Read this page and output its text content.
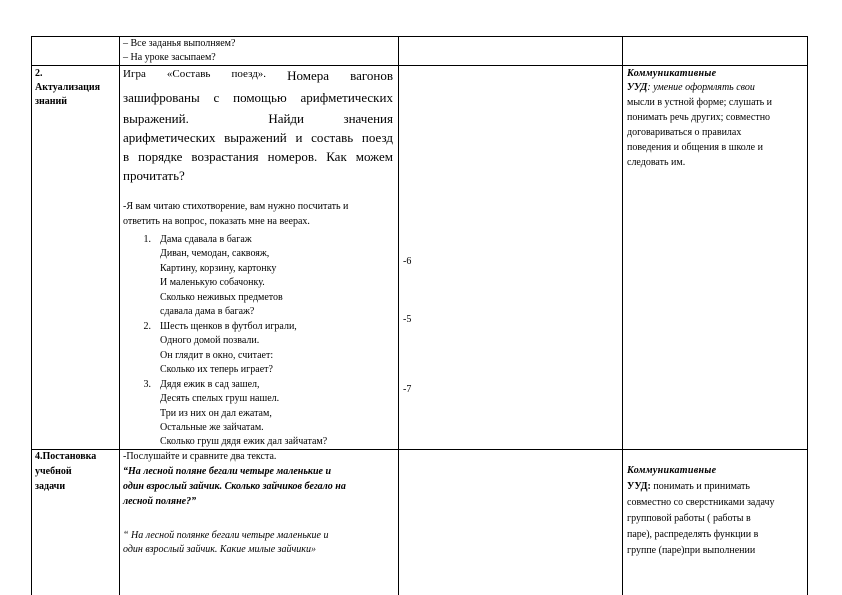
– Все заданья выполняем?
– На уроке засыпаем?
2.
Актуализация
знаний
Игра «Составь поезд». Номера вагонов
зашифрованы с помощью арифметических
выражений.	Найди	значения
арифметических выражений и составь поезд
в порядке возрастания номеров. Как можем
прочитать?
-Я вам читаю стихотворение, вам нужно посчитать и
ответить на вопрос, показать мне на веерах.
1. Дама сдавала в багаж
Диван, чемодан, саквояж,
Картину, корзину, картонку
И маленькую собачонку.
Сколько неживых предметов
сдавала дама в багаж?
2. Шесть щенков в футбол играли,
Одного домой позвали.
Он глядит в окно, считает:
Сколько их теперь играет?
3. Дядя ежик в сад зашел,
Десять спелых груш нашел.
Три из них он дал ежатам,
Остальные же зайчатам.
Сколько груш дядя ежик дал зайчатам?
-6
-5
-7
Коммуникативные
УУД: умение оформлять свои
мысли в устной форме; слушать и
понимать речь других; совместно
договариваться о правилах
поведения и общения в школе и
следовать им.
4.Постановка
учебной
задачи
-Послушайте и сравните два текста.
“На лесной поляне бегали четыре маленькие и
один взрослый зайчик. Сколько зайчиков бегало на
лесной поляне?”
“ На лесной полянке бегали четыре маленькие и
один взрослый зайчик. Какие милые зайчики»
Коммуникативные
УУД: понимать и принимать
совместно со сверстниками задачу
групповой работы ( работы в
паре), распределять функции в
группе (паре)при выполнении
